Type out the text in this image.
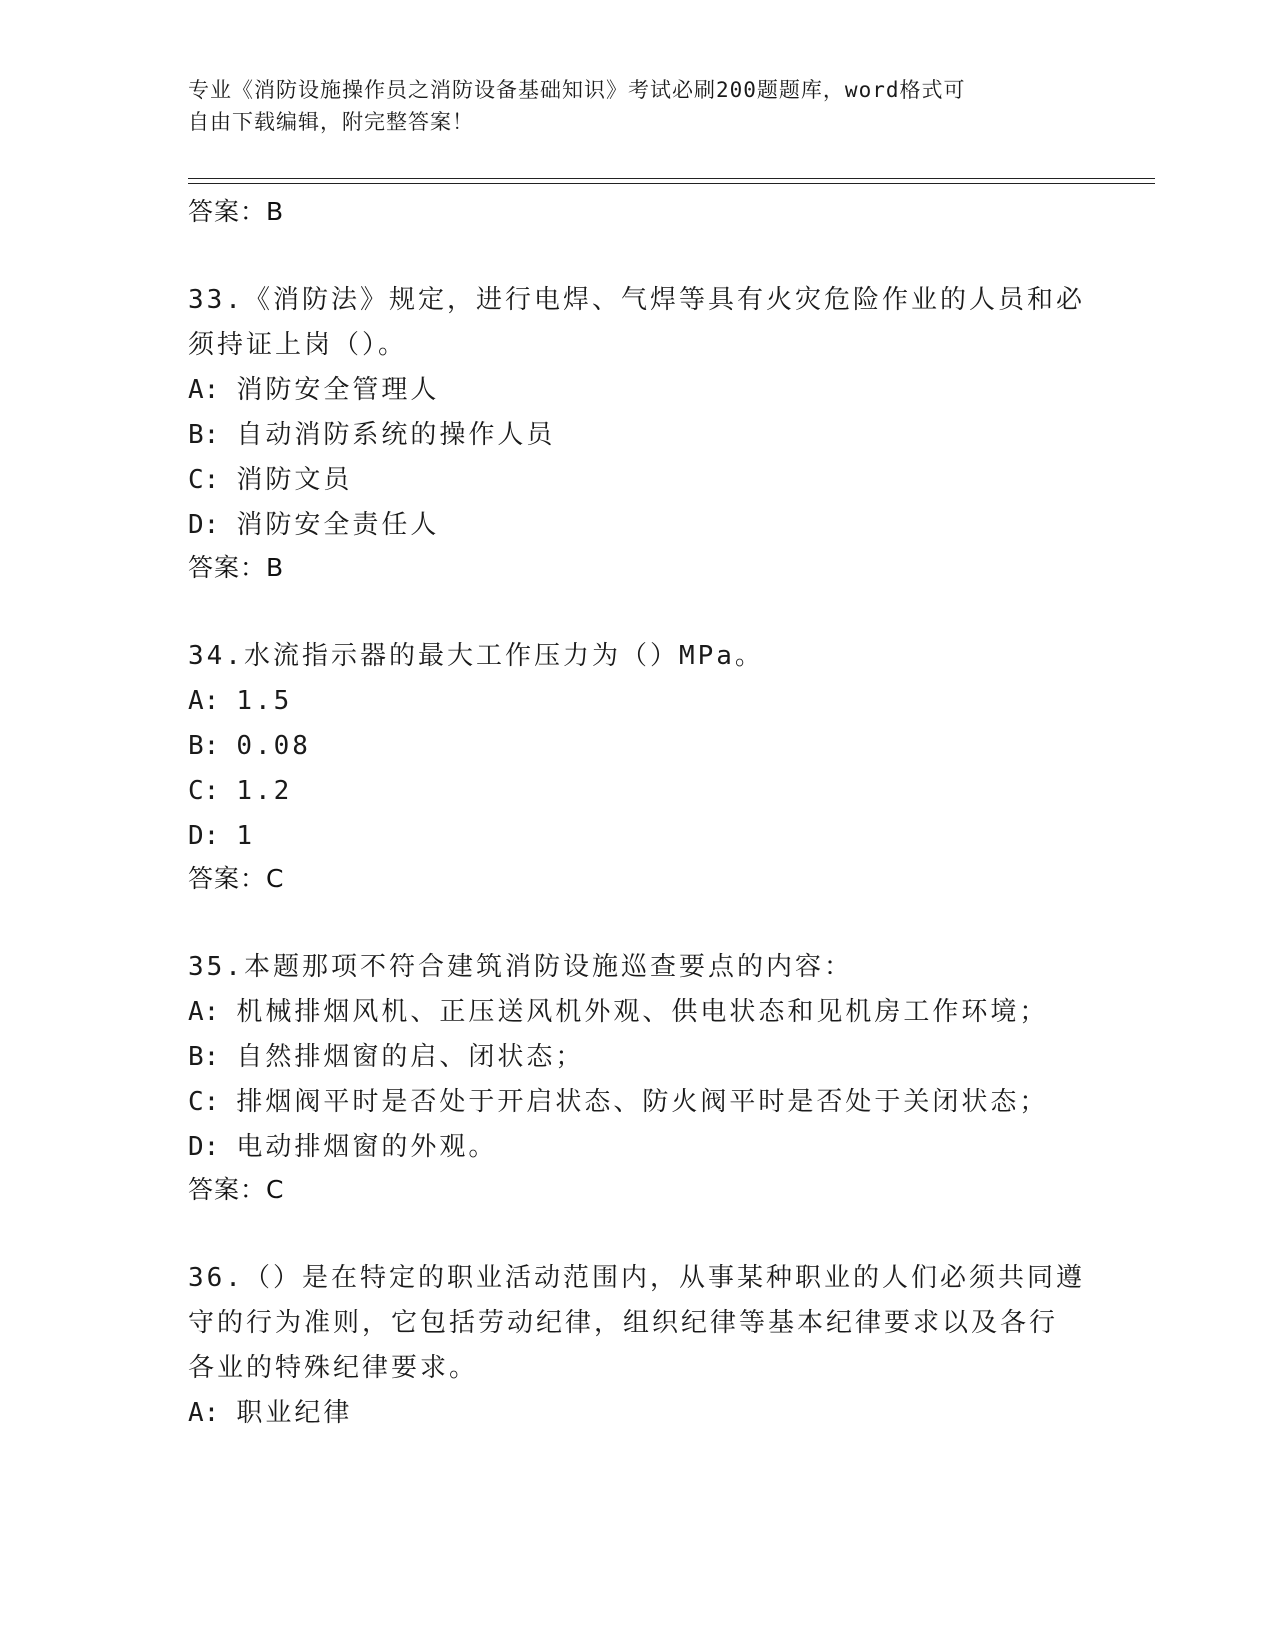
专业《消防设施操作员之消防设备基础知识》考试必刷200题题库，word格式可
自由下载编辑，附完整答案！
答案：B
33.《消防法》规定，进行电焊、气焊等具有火灾危险作业的人员和必
须持证上岗（）。
A: 消防安全管理人
B: 自动消防系统的操作人员
C: 消防文员
D: 消防安全责任人
答案：B
34.水流指示器的最大工作压力为（）MPa。
A: 1.5
B: 0.08
C: 1.2
D: 1
答案：C
35.本题那项不符合建筑消防设施巡查要点的内容：
A: 机械排烟风机、正压送风机外观、供电状态和见机房工作环境；
B: 自然排烟窗的启、闭状态；
C: 排烟阀平时是否处于开启状态、防火阀平时是否处于关闭状态；
D: 电动排烟窗的外观。
答案：C
36.（）是在特定的职业活动范围内，从事某种职业的人们必须共同遵
守的行为准则，它包括劳动纪律，组织纪律等基本纪律要求以及各行
各业的特殊纪律要求。
A: 职业纪律
